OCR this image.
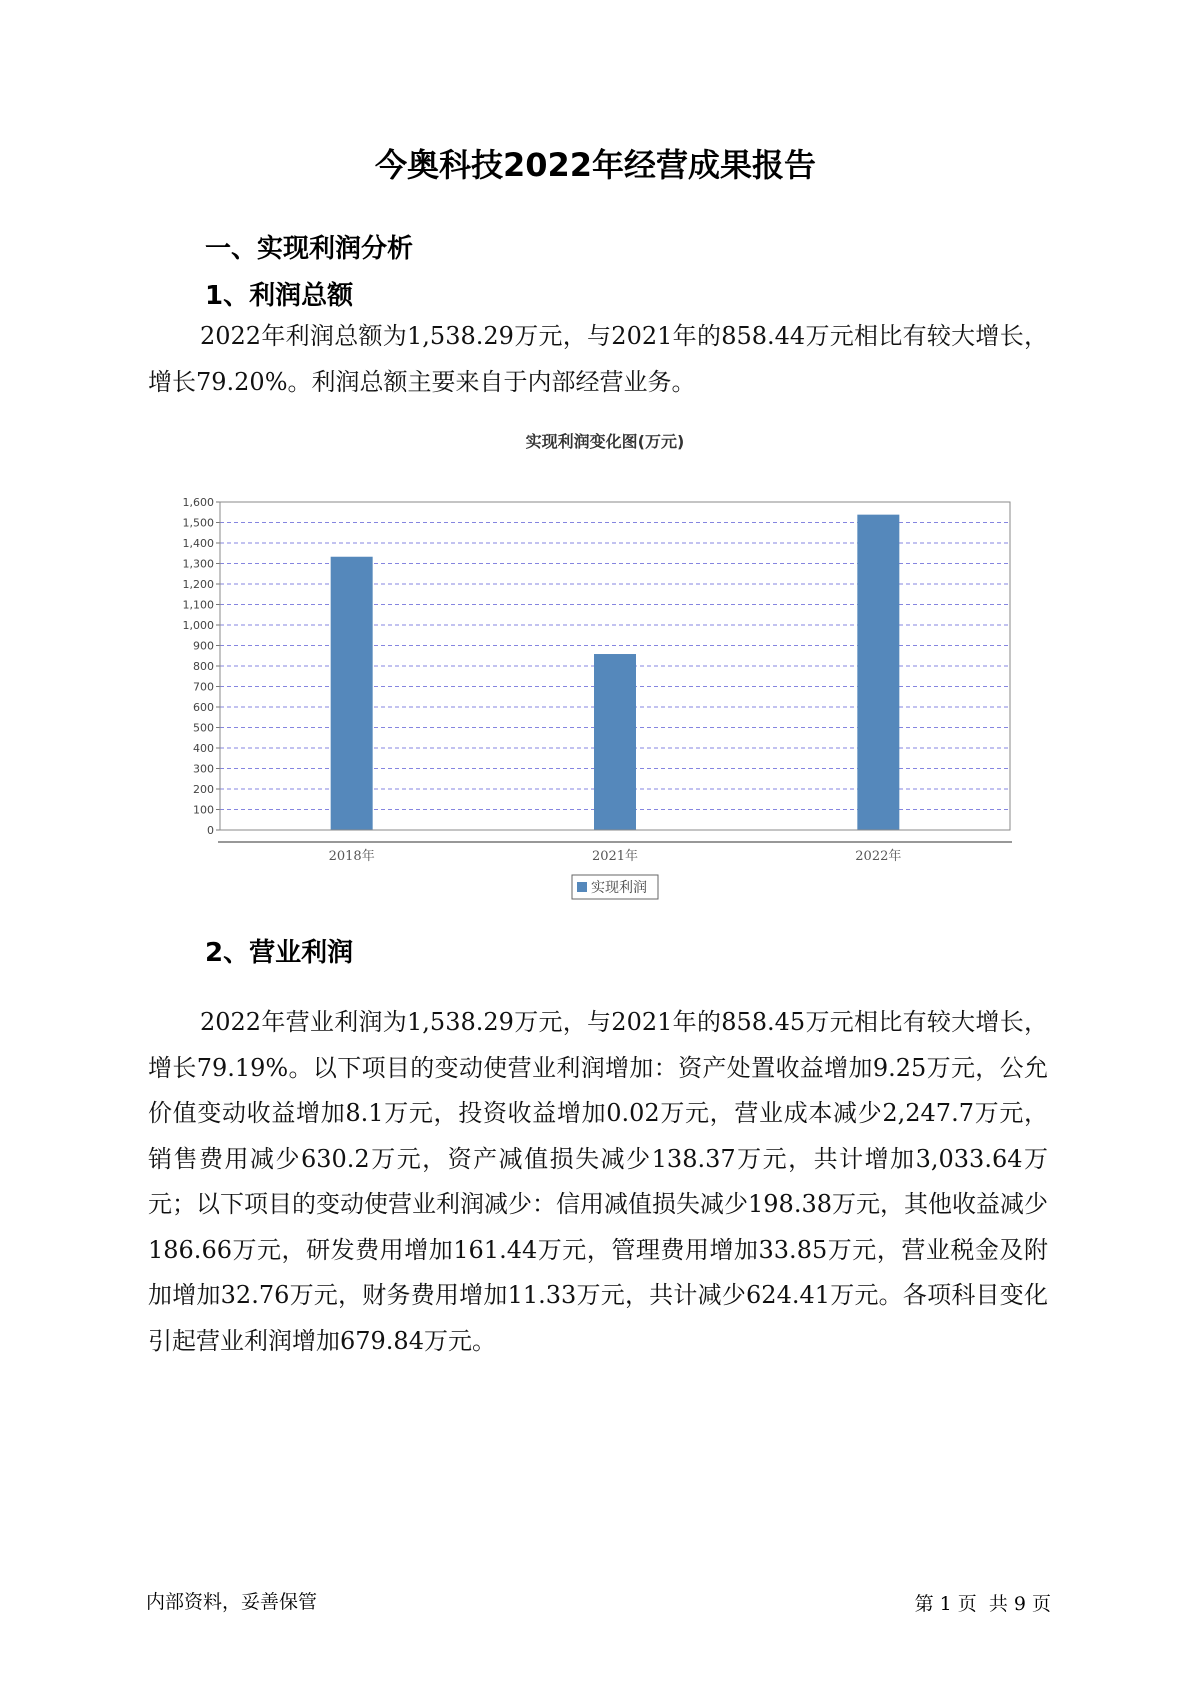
今奥科技2022年经营成果报告
一、实现利润分析
1、利润总额

2022年利润总额为1,538.29万元，与2021年的858.44万元相比有较大增长，增长79.20%。利润总额主要来自于内部经营业务。

实现利润变化图(万元)
0
100
200
300
400
500
600
700
800
900
1,000
1,100
1,200
1,300
1,400
1,500
1,600
2018年	2021年	2022年
实现利润
2、营业利润

2022年营业利润为1,538.29万元，与2021年的858.45万元相比有较大增长，增长79.19%。以下项目的变动使营业利润增加：资产处置收益增加9.25万元，公允价值变动收益增加8.1万元，投资收益增加0.02万元，营业成本减少2,247.7万元，销售费用减少630.2万元，资产减值损失减少138.37万元，共计增加3,033.64万元；以下项目的变动使营业利润减少：信用减值损失减少198.38万元，其他收益减少186.66万元，研发费用增加161.44万元，管理费用增加33.85万元，营业税金及附加增加32.76万元，财务费用增加11.33万元，共计减少624.41万元。各项科目变化引起营业利润增加679.84万元。

内部资料，妥善保管	第 1 页  共 9 页
